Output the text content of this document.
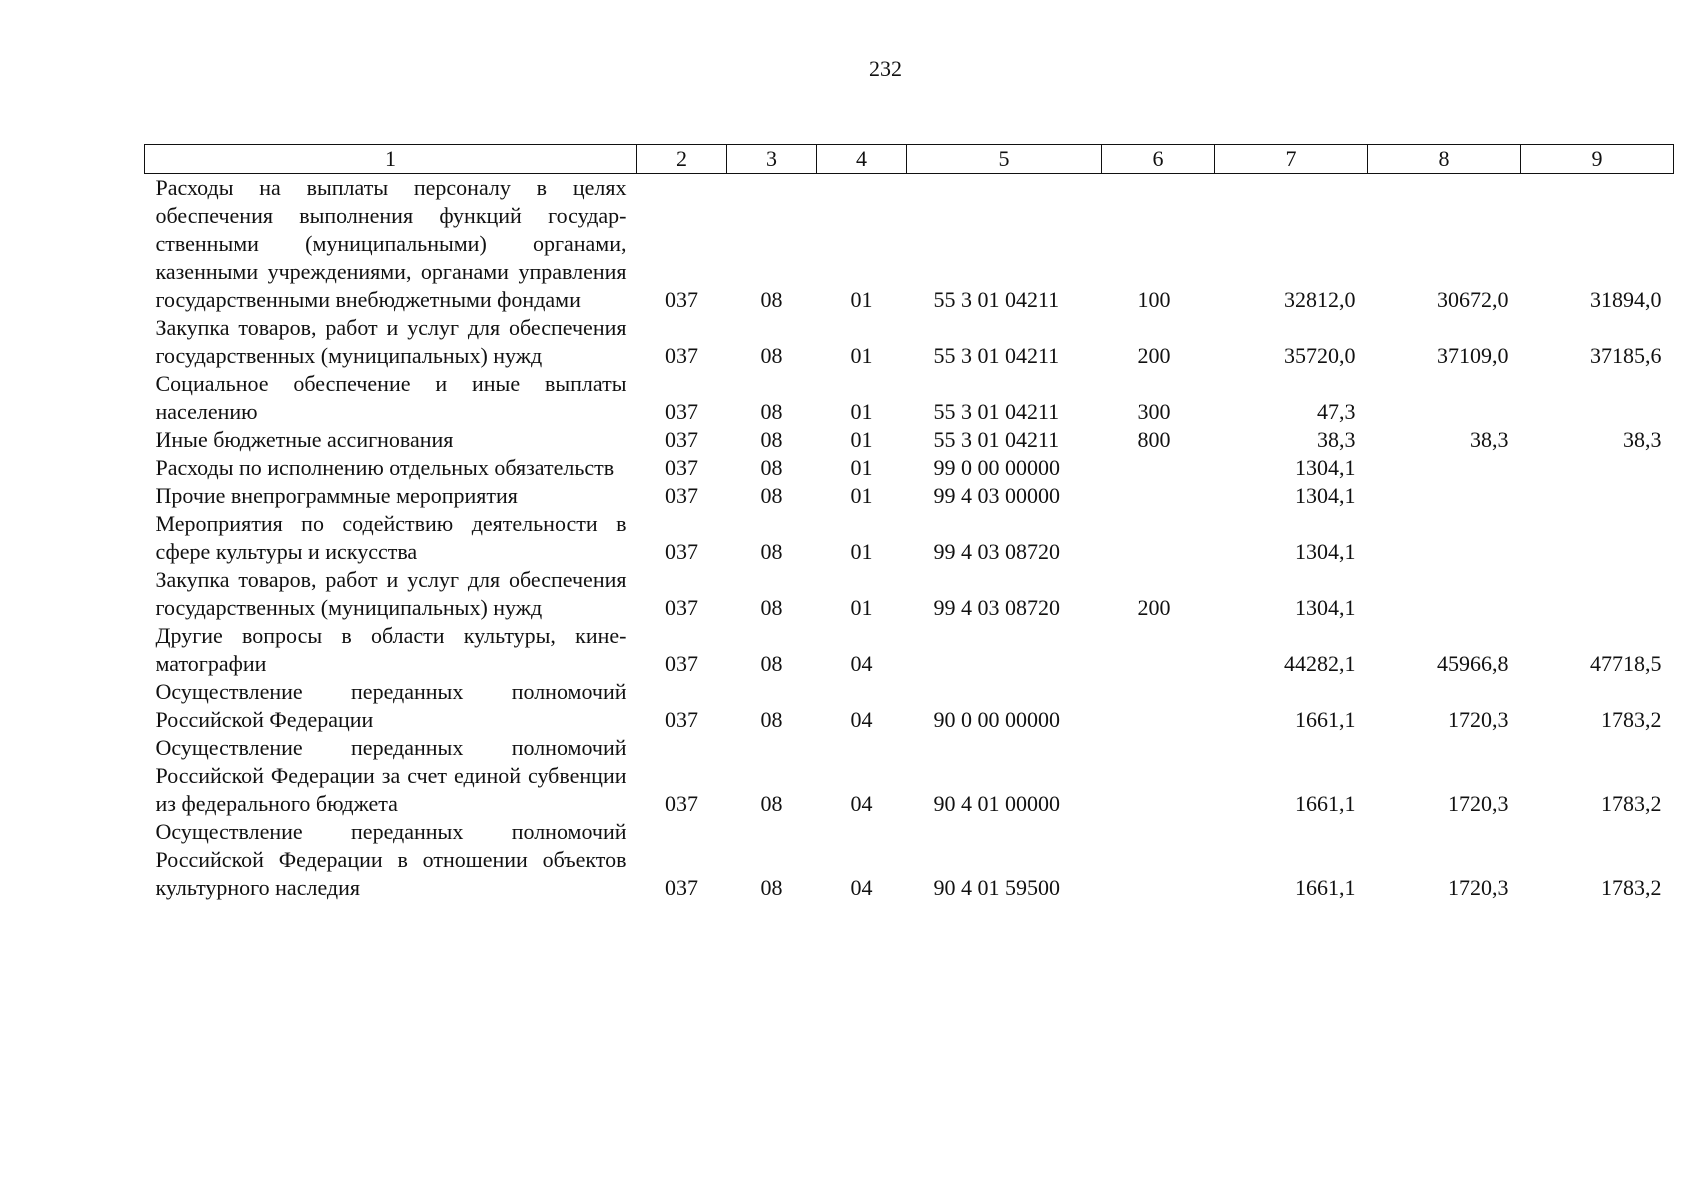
232
1	2	3	4	5	6	7	8	9
Расходы на выплаты персоналу в целях обеспечения выполнения функций государственными (муниципальными) органами, казенными учреждениями, органами управления государственными внебюджетными фондами	037	08	01	55 3 01 04211	100	32812,0	30672,0	31894,0
Закупка товаров, работ и услуг для обеспечения государственных (муниципальных) нужд	037	08	01	55 3 01 04211	200	35720,0	37109,0	37185,6
Социальное обеспечение и иные выплаты населению	037	08	01	55 3 01 04211	300	47,3		
Иные бюджетные ассигнования	037	08	01	55 3 01 04211	800	38,3	38,3	38,3
Расходы по исполнению отдельных обязательств	037	08	01	99 0 00 00000		1304,1		
Прочие внепрограммные мероприятия	037	08	01	99 4 03 00000		1304,1		
Мероприятия по содействию деятельности в сфере культуры и искусства	037	08	01	99 4 03 08720		1304,1		
Закупка товаров, работ и услуг для обеспечения государственных (муниципальных) нужд	037	08	01	99 4 03 08720	200	1304,1		
Другие вопросы в области культуры, кинематографии	037	08	04			44282,1	45966,8	47718,5
Осуществление переданных полномочий Российской Федерации	037	08	04	90 0 00 00000		1661,1	1720,3	1783,2
Осуществление переданных полномочий Российской Федерации за счет единой субвенции из федерального бюджета	037	08	04	90 4 01 00000		1661,1	1720,3	1783,2
Осуществление переданных полномочий Российской Федерации в отношении объектов культурного наследия	037	08	04	90 4 01 59500		1661,1	1720,3	1783,2
